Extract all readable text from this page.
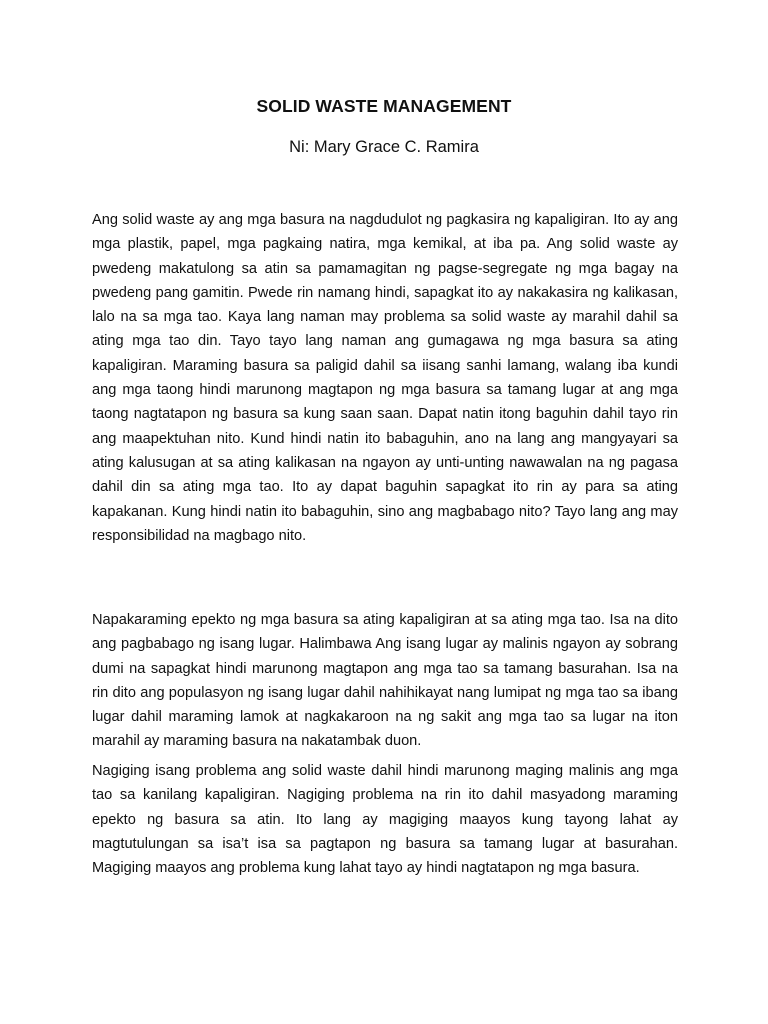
SOLID WASTE MANAGEMENT
Ni: Mary Grace C. Ramira

Ang solid waste ay ang mga basura na nagdudulot ng pagkasira ng kapaligiran. Ito ay ang mga plastik, papel, mga pagkaing natira, mga kemikal, at iba pa. Ang solid waste ay pwedeng makatulong sa atin sa pamamagitan ng pagse-segregate ng mga bagay na pwedeng pang gamitin. Pwede rin namang hindi, sapagkat ito ay nakakasira ng kalikasan, lalo na sa mga tao. Kaya lang naman may problema sa solid waste ay marahil dahil sa ating mga tao din. Tayo tayo lang naman ang gumagawa ng mga basura sa ating kapaligiran. Maraming basura sa paligid dahil sa iisang sanhi lamang, walang iba kundi ang mga taong hindi marunong magtapon ng mga basura sa tamang lugar at ang mga taong nagtatapon ng basura sa kung saan saan. Dapat natin itong baguhin dahil tayo rin ang maapektuhan nito. Kund hindi natin ito babaguhin, ano na lang ang mangyayari sa ating kalusugan at sa ating kalikasan na ngayon ay unti-unting nawawalan na ng pagasa dahil din sa ating mga tao. Ito ay dapat baguhin sapagkat ito rin ay para sa ating kapakanan. Kung hindi natin ito babaguhin, sino ang magbabago nito? Tayo lang ang may responsibilidad na magbago nito.

Napakaraming epekto ng mga basura sa ating kapaligiran at sa ating mga tao. Isa na dito ang pagbabago ng isang lugar. Halimbawa Ang isang lugar ay malinis ngayon ay sobrang dumi na sapagkat hindi marunong magtapon ang mga tao sa tamang basurahan. Isa na rin dito ang populasyon ng isang lugar dahil nahihikayat nang lumipat ng mga tao sa ibang lugar dahil maraming lamok at nagkakaroon na ng sakit ang mga tao sa lugar na iton marahil ay maraming basura na nakatambak duon.

Nagiging isang problema ang solid waste dahil hindi marunong maging malinis ang mga tao sa kanilang kapaligiran. Nagiging problema na rin ito dahil masyadong maraming epekto ng basura sa atin. Ito lang ay magiging maayos kung tayong lahat ay magtutulungan sa isa’t isa sa pagtapon ng basura sa tamang lugar at basurahan. Magiging maayos ang problema kung lahat tayo ay hindi nagtatapon ng mga basura.
